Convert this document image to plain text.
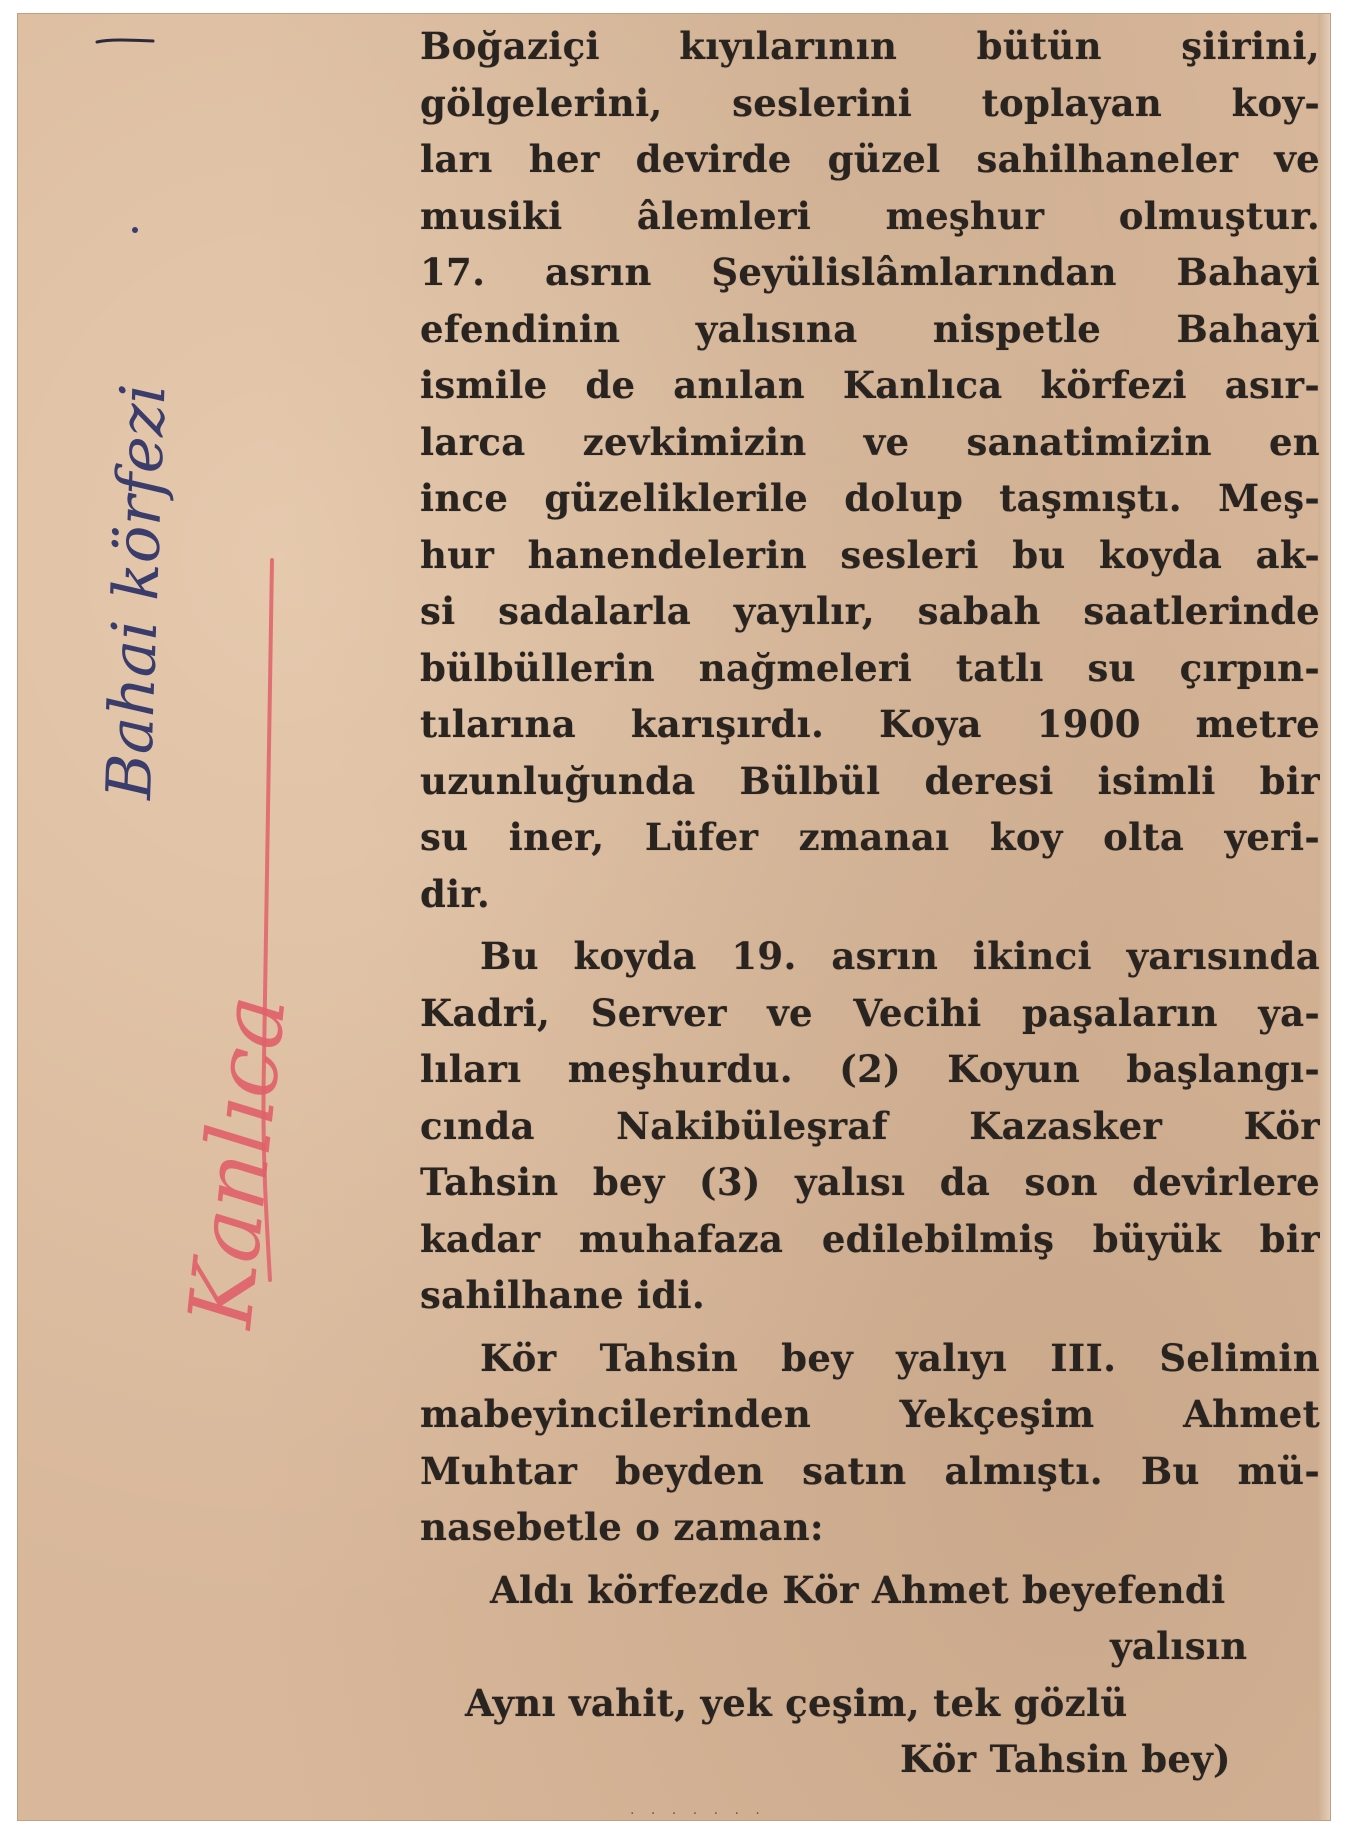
Bahai körfezi
Kanlıca
Boğaziçi kıyılarının bütün şiirini,
gölgelerini, seslerini toplayan koy-
ları her devirde güzel sahilhaneler ve
musiki âlemleri meşhur olmuştur.
17. asrın Şeyülislâmlarından Bahayi
efendinin yalısına nispetle Bahayi
ismile de anılan Kanlıca körfezi asır-
larca zevkimizin ve sanatimizin en
ince güzeliklerile dolup taşmıştı. Meş-
hur hanendelerin sesleri bu koyda ak-
si sadalarla yayılır, sabah saatlerinde
bülbüllerin nağmeleri tatlı su çırpın-
tılarına karışırdı. Koya 1900 metre
uzunluğunda Bülbül deresi isimli bir
su iner, Lüfer zmanaı koy olta yeri-
dir.
Bu koyda 19. asrın ikinci yarısında
Kadri, Server ve Vecihi paşaların ya-
lıları meşhurdu. (2) Koyun başlangı-
cında Nakibüleşraf Kazasker Kör
Tahsin bey (3) yalısı da son devirlere
kadar muhafaza edilebilmiş büyük bir
sahilhane idi.
Kör Tahsin bey yalıyı III. Selimin
mabeyincilerinden Yekçeşim Ahmet
Muhtar beyden satın almıştı. Bu mü-
nasebetle o zaman:
Aldı körfezde Kör Ahmet beyefendi
yalısın
Aynı vahit, yek çeşim, tek gözlü
Kör Tahsin bey)
· · · · · · ·
